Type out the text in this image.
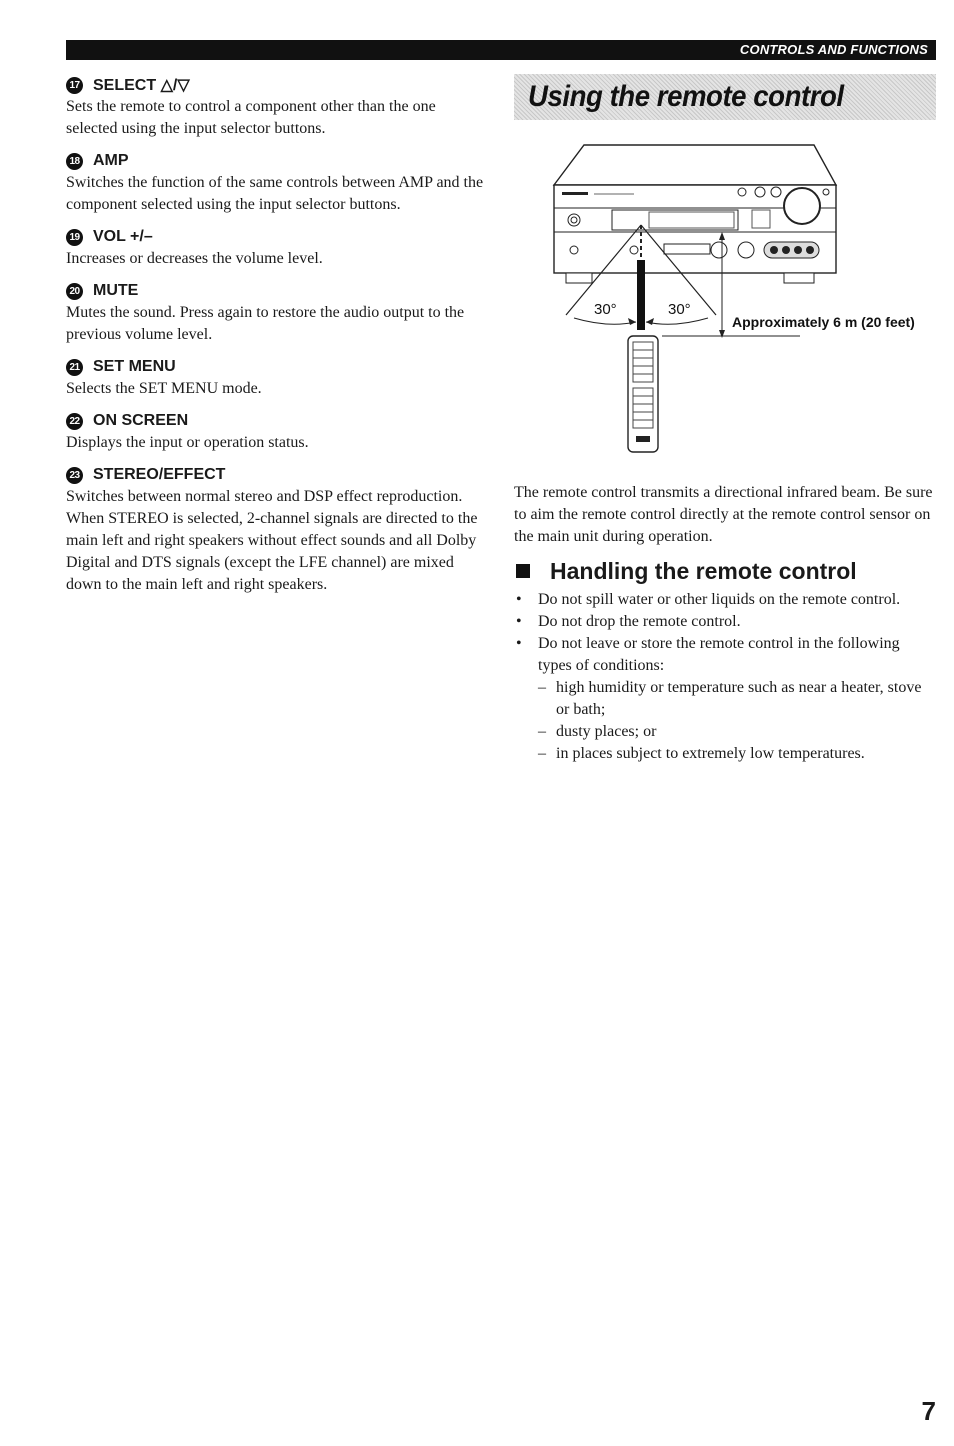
CONTROLS AND FUNCTIONS
17 SELECT △/▽

Sets the remote to control a component other than the one selected using the input selector buttons.

18 AMP

Switches the function of the same controls between AMP and the component selected using the input selector buttons.

19 VOL +/–

Increases or decreases the volume level.

20 MUTE

Mutes the sound. Press again to restore the audio output to the previous volume level.

21 SET MENU

Selects the SET MENU mode.

22 ON SCREEN

Displays the input or operation status.

23 STEREO/EFFECT

Switches between normal stereo and DSP effect reproduction. When STEREO is selected, 2-channel signals are directed to the main left and right speakers without effect sounds and all Dolby Digital and DTS signals (except the LFE channel) are mixed down to the main left and right speakers.

Using the remote control
30°	30°
Approximately 6 m (20 feet)

The remote control transmits a directional infrared beam. Be sure to aim the remote control directly at the remote control sensor on the main unit during operation.

Handling the remote control
• Do not spill water or other liquids on the remote control.
• Do not drop the remote control.
• Do not leave or store the remote control in the following types of conditions:
– high humidity or temperature such as near a heater, stove or bath;
– dusty places; or
– in places subject to extremely low temperatures.
7
